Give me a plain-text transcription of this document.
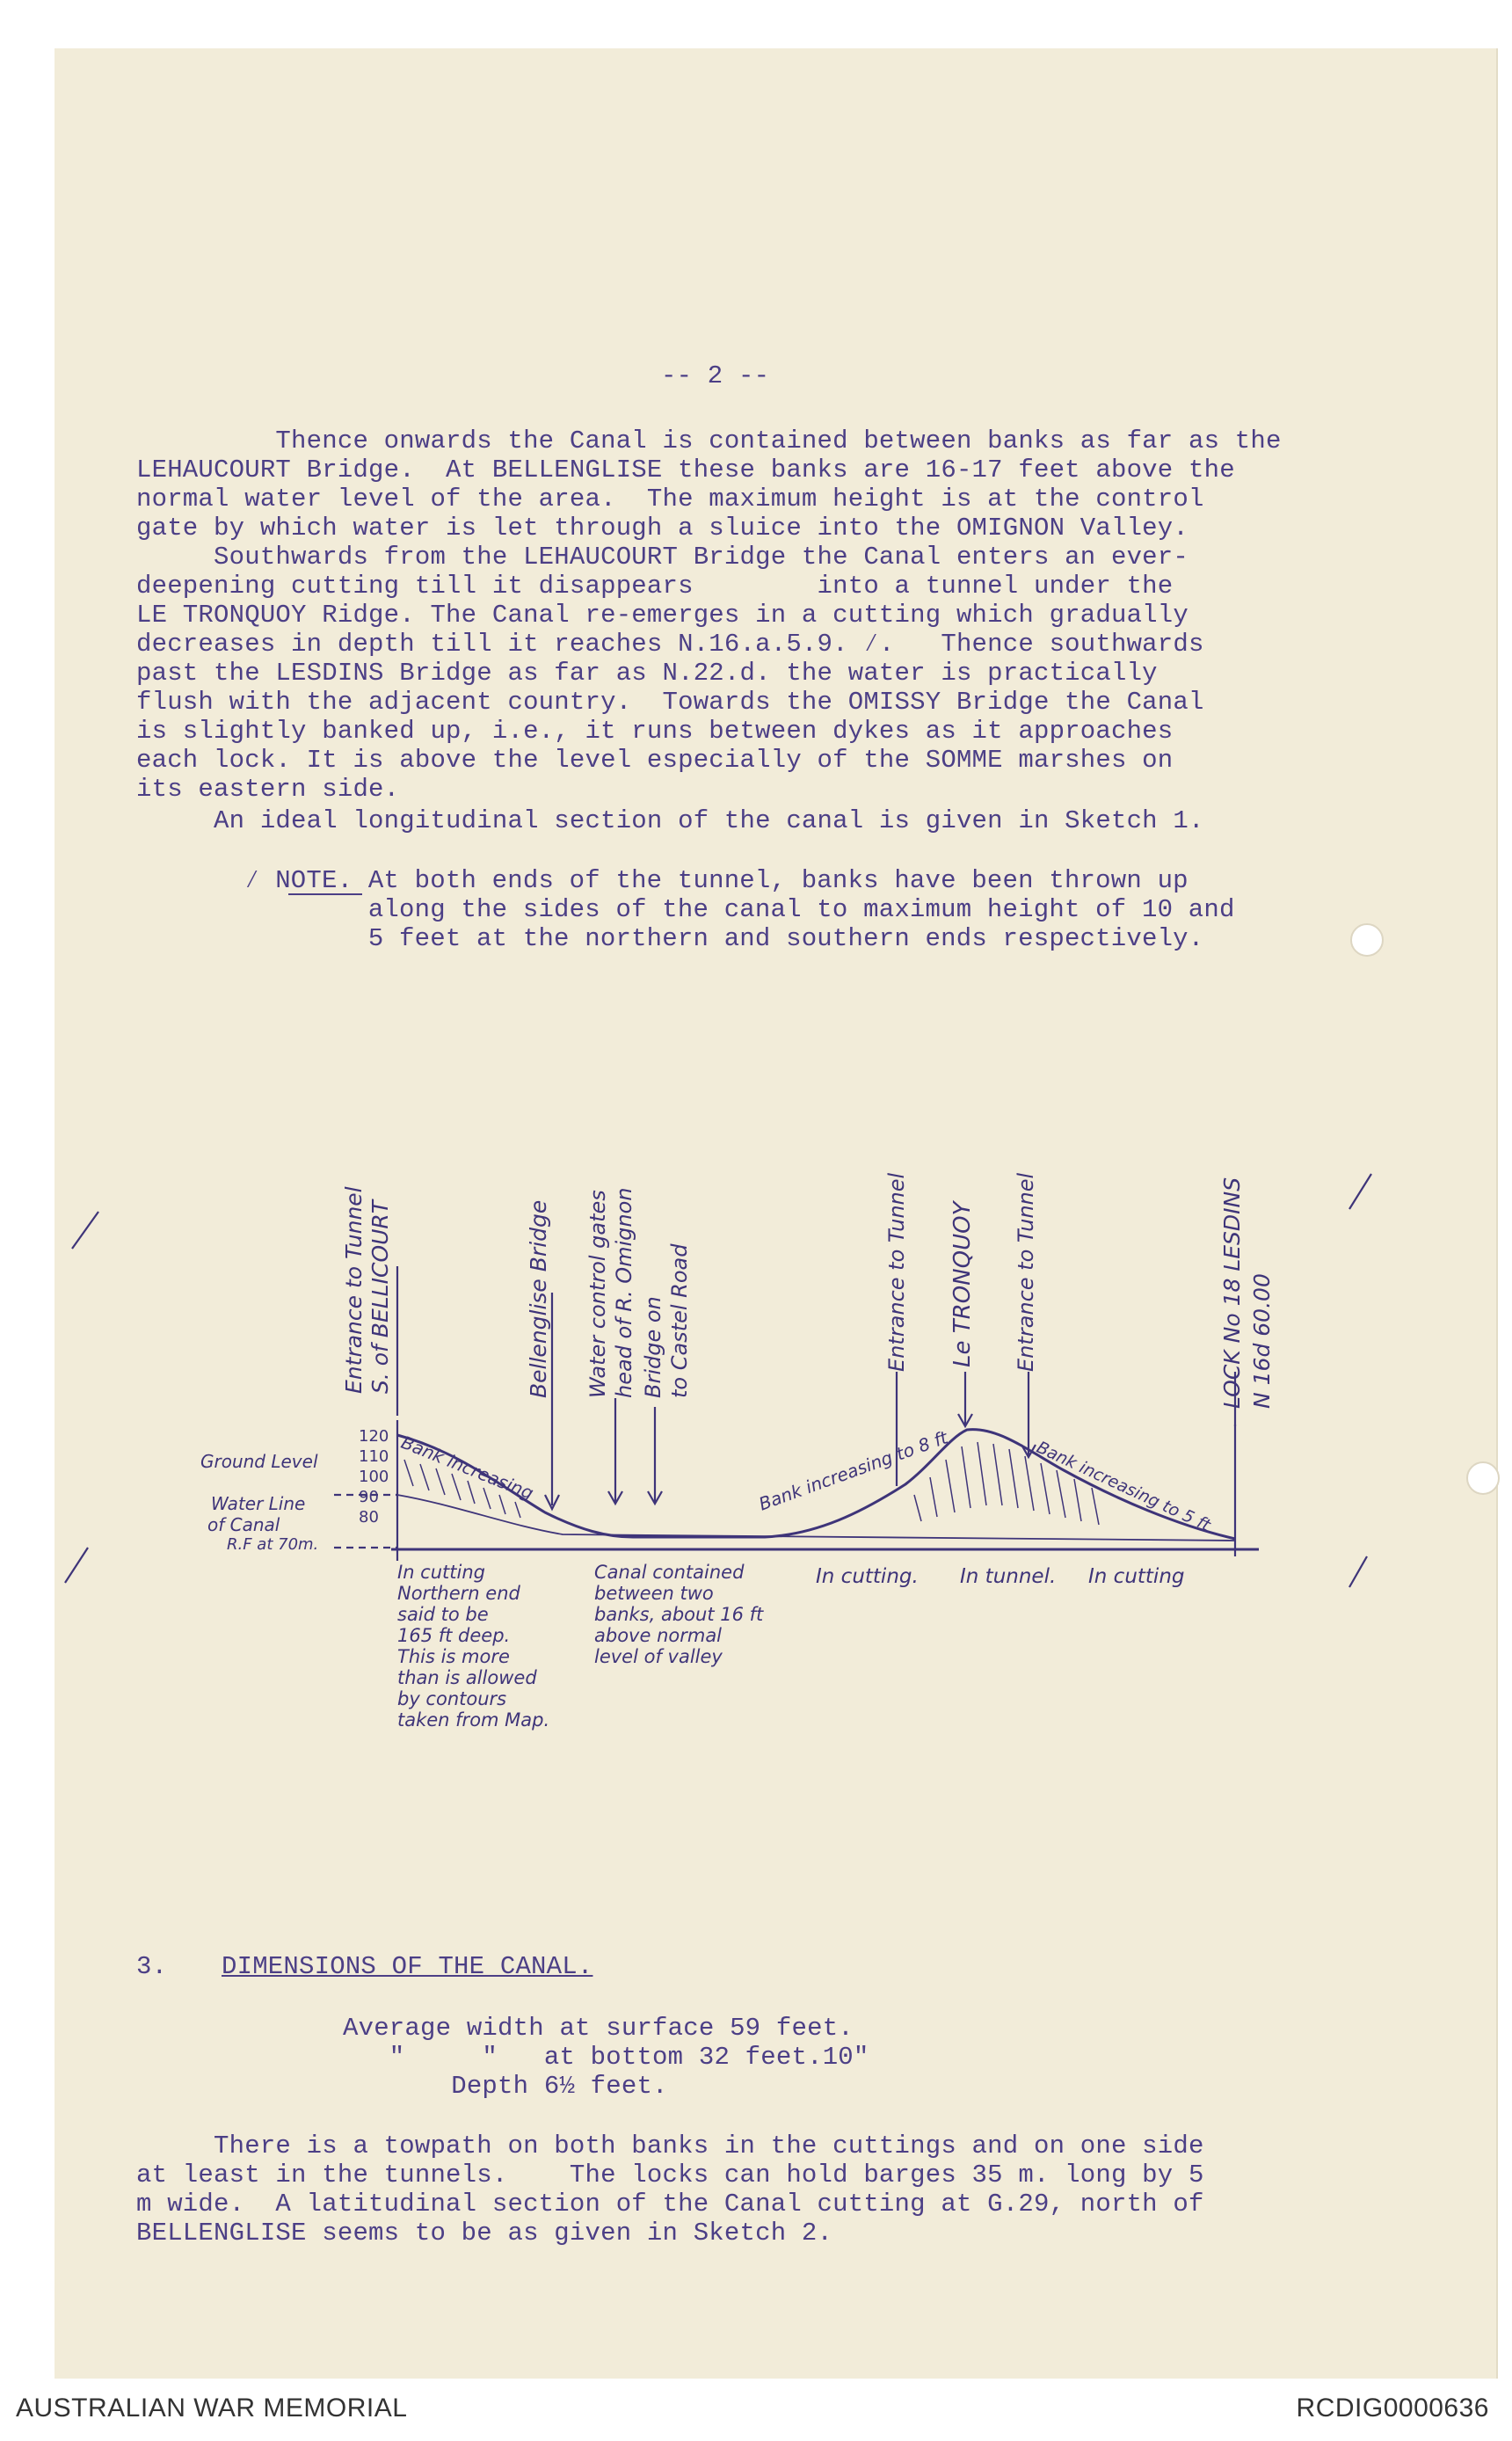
-- 2 --
Thence onwards the Canal is contained between banks as far as the
LEHAUCOURT Bridge.  At BELLENGLISE these banks are 16-17 feet above the
normal water level of the area.  The maximum height is at the control
gate by which water is let through a sluice into the OMIGNON Valley.
Southwards from the LEHAUCOURT Bridge the Canal enters an ever-
deepening cutting till it disappears        into a tunnel under the
LE TRONQUOY Ridge. The Canal re-emerges in a cutting which gradually
decreases in depth till it reaches N.16.a.5.9. ⁄.   Thence southwards
past the LESDINS Bridge as far as N.22.d. the water is practically
flush with the adjacent country.  Towards the OMISSY Bridge the Canal
is slightly banked up, i.e., it runs between dykes as it approaches
each lock. It is above the level especially of the SOMME marshes on
its eastern side.
An ideal longitudinal section of the canal is given in Sketch 1.
⁄ NOTE. At both ends of the tunnel, banks have been thrown up
along the sides of the canal to maximum height of 10 and
5 feet at the northern and southern ends respectively.
Entrance to Tunnel S. of BELLICOURT	Bellenglise Bridge Water control gates head of R. Omignon Bridge on to Castel Road	Entrance to Tunnel Le TRONQUOY Entrance to Tunnel	LOCK No 18 LESDINS N 16d 60.00
120
110
100
90
80
Ground Level
Water Line
of Canal
R.F at 70m.
Bank increasing	Bank increasing to 8 ft	Bank increasing to 5 ft
In cutting
Northern end
said to be
165 ft deep.
This is more
than is allowed
by contours
taken from Map.
Canal contained
between two
banks, about 16 ft
above normal
level of valley
In cutting. In tunnel. In cutting
3. DIMENSIONS OF THE CANAL.
Average width at surface 59 feet.
"     "   at bottom 32 feet.10"
Depth 6½ feet.
There is a towpath on both banks in the cuttings and on one side
at least in the tunnels.    The locks can hold barges 35 m. long by 5
m wide.  A latitudinal section of the Canal cutting at G.29, north of
BELLENGLISE seems to be as given in Sketch 2.
AUSTRALIAN WAR MEMORIAL	RCDIG0000636
